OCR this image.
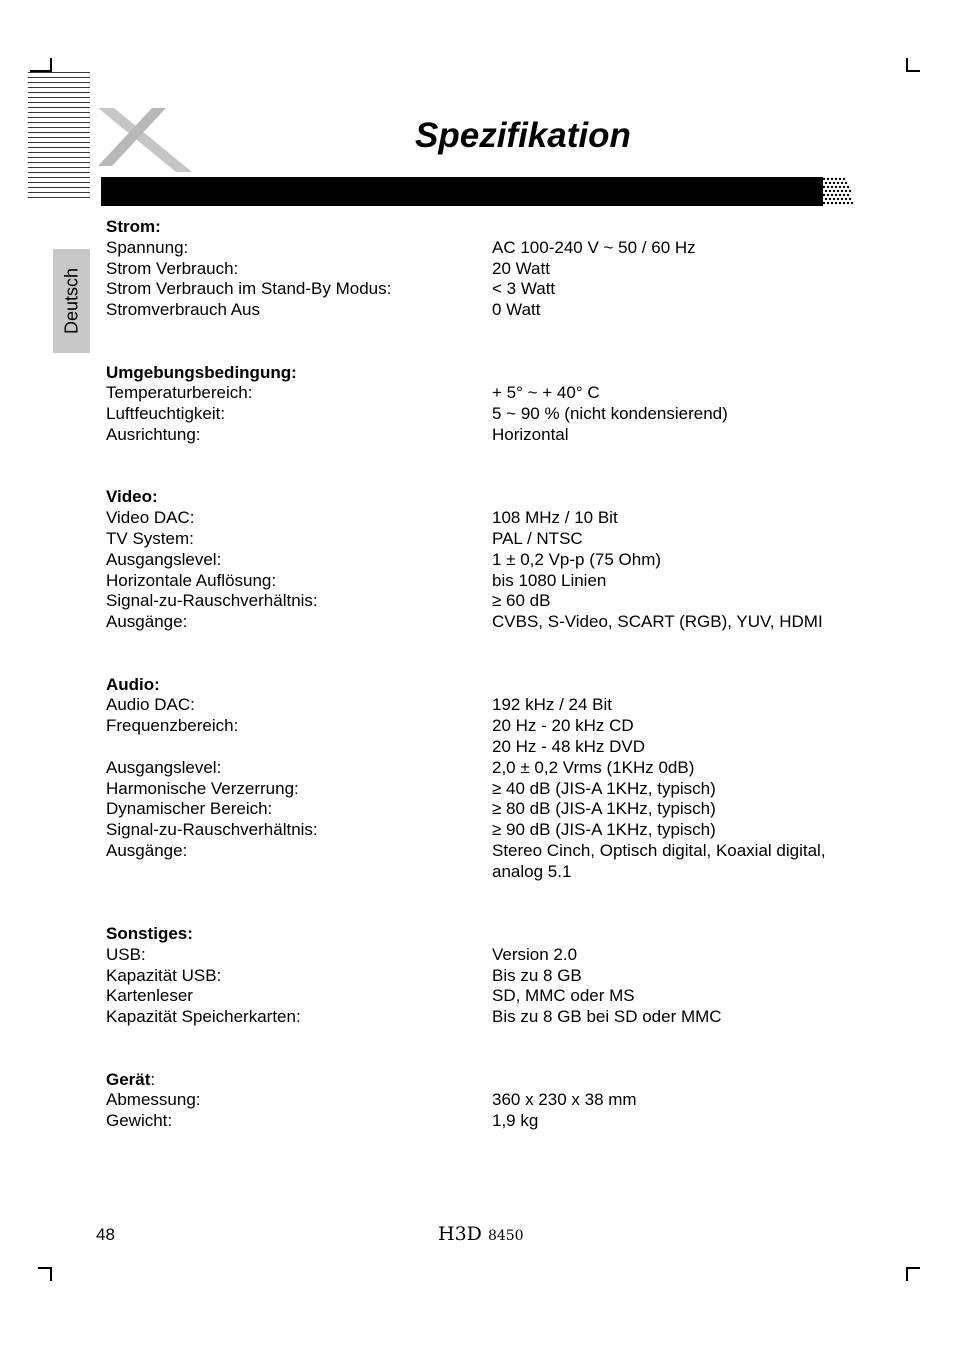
Spezifikation
Deutsch
Strom:
Spannung:	AC 100-240 V ~ 50 / 60 Hz
Strom Verbrauch:	20 Watt
Strom Verbrauch im Stand-By Modus:	< 3 Watt
Stromverbrauch Aus	0 Watt
Umgebungsbedingung:
Temperaturbereich:	+ 5° ~ + 40° C
Luftfeuchtigkeit:	5 ~ 90 % (nicht kondensierend)
Ausrichtung:	Horizontal
Video:
Video DAC:	108 MHz / 10 Bit
TV System:	PAL / NTSC
Ausgangslevel:	1 ± 0,2 Vp-p (75 Ohm)
Horizontale Auflösung:	bis 1080 Linien
Signal-zu-Rauschverhältnis:	≥ 60 dB
Ausgänge:	CVBS, S-Video, SCART (RGB), YUV, HDMI
Audio:
Audio DAC:	192 kHz / 24 Bit
Frequenzbereich:	20 Hz - 20 kHz CD
20 Hz - 48 kHz DVD
Ausgangslevel:	2,0 ± 0,2 Vrms (1KHz 0dB)
Harmonische Verzerrung:	≥ 40 dB (JIS-A 1KHz, typisch)
Dynamischer Bereich:	≥ 80 dB (JIS-A 1KHz, typisch)
Signal-zu-Rauschverhältnis:	≥ 90 dB (JIS-A 1KHz, typisch)
Ausgänge:	Stereo Cinch, Optisch digital, Koaxial digital,
analog 5.1
Sonstiges:
USB:	Version 2.0
Kapazität USB:	Bis zu 8 GB
Kartenleser	SD, MMC oder MS
Kapazität Speicherkarten:	Bis zu 8 GB bei SD oder MMC
Gerät:
Abmessung:	360 x 230 x 38 mm
Gewicht:	1,9 kg
48	H3D 8450
